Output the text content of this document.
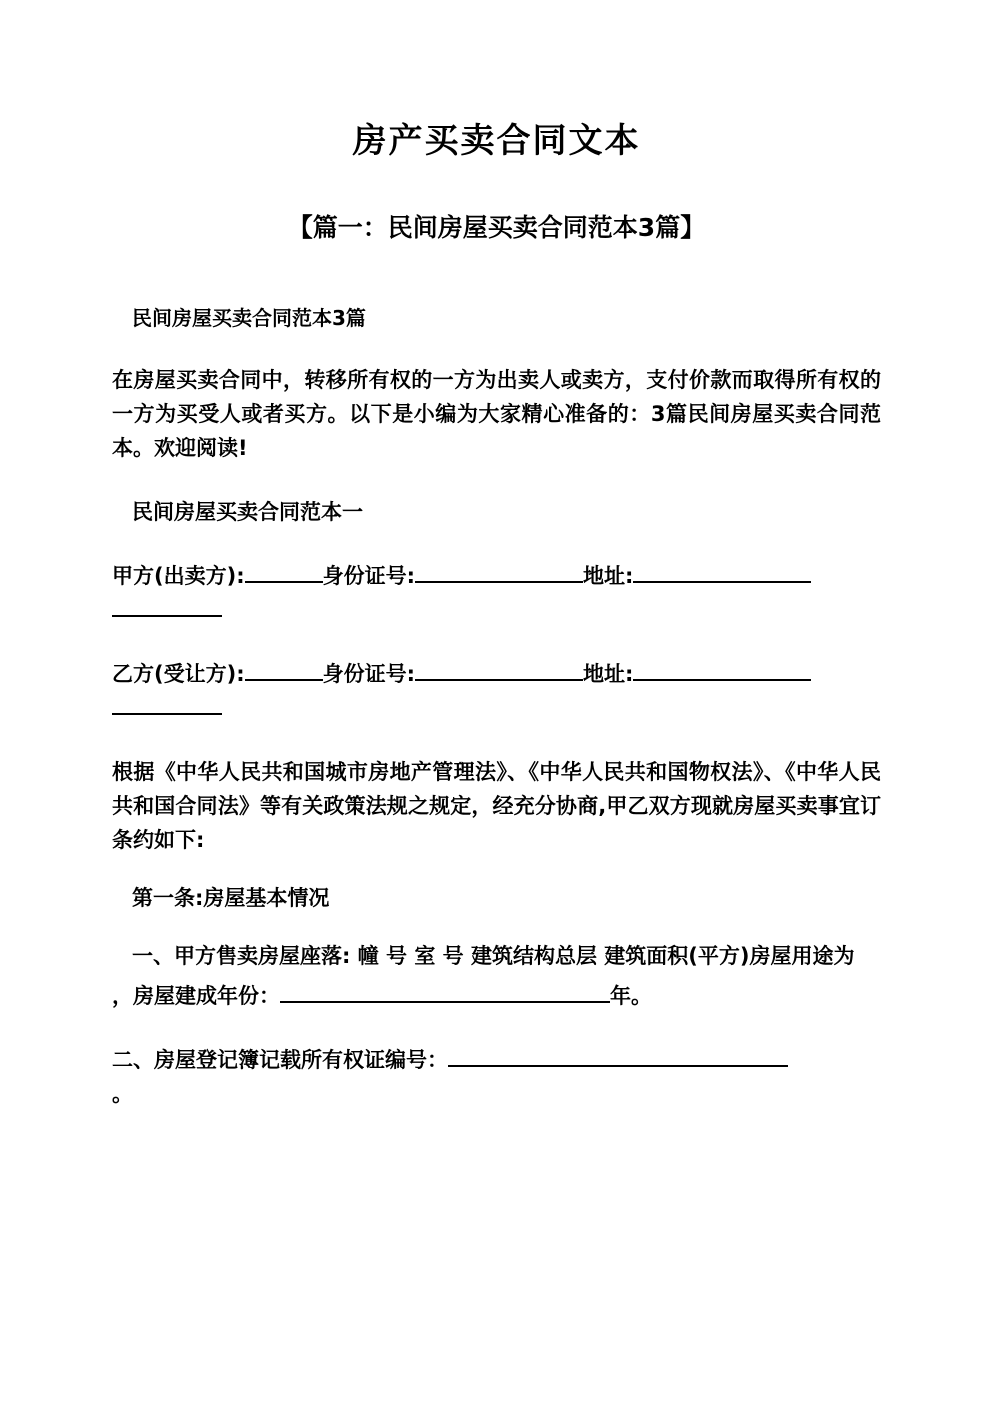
房产买卖合同文本
【篇一：民间房屋买卖合同范本3篇】
民间房屋买卖合同范本3篇

在房屋买卖合同中，转移所有权的一方为出卖人或卖方，支付价款而取得所有权的一方为买受人或者买方。以下是小编为大家精心准备的：3篇民间房屋买卖合同范本。欢迎阅读!

民间房屋买卖合同范本一

甲方(出卖方):	身份证号:	地址:

乙方(受让方):	身份证号:	地址:

根据《中华人民共和国城市房地产管理法》、《中华人民共和国物权法》、《中华人民共和国合同法》等有关政策法规之规定，经充分协商,甲乙双方现就房屋买卖事宜订条约如下:

第一条:房屋基本情况

一、甲方售卖房屋座落: 幢 号 室 号 建筑结构总层 建筑面积(平方)房屋用途为

，房屋建成年份：	年。

二、房屋登记簿记载所有权证编号：
。
